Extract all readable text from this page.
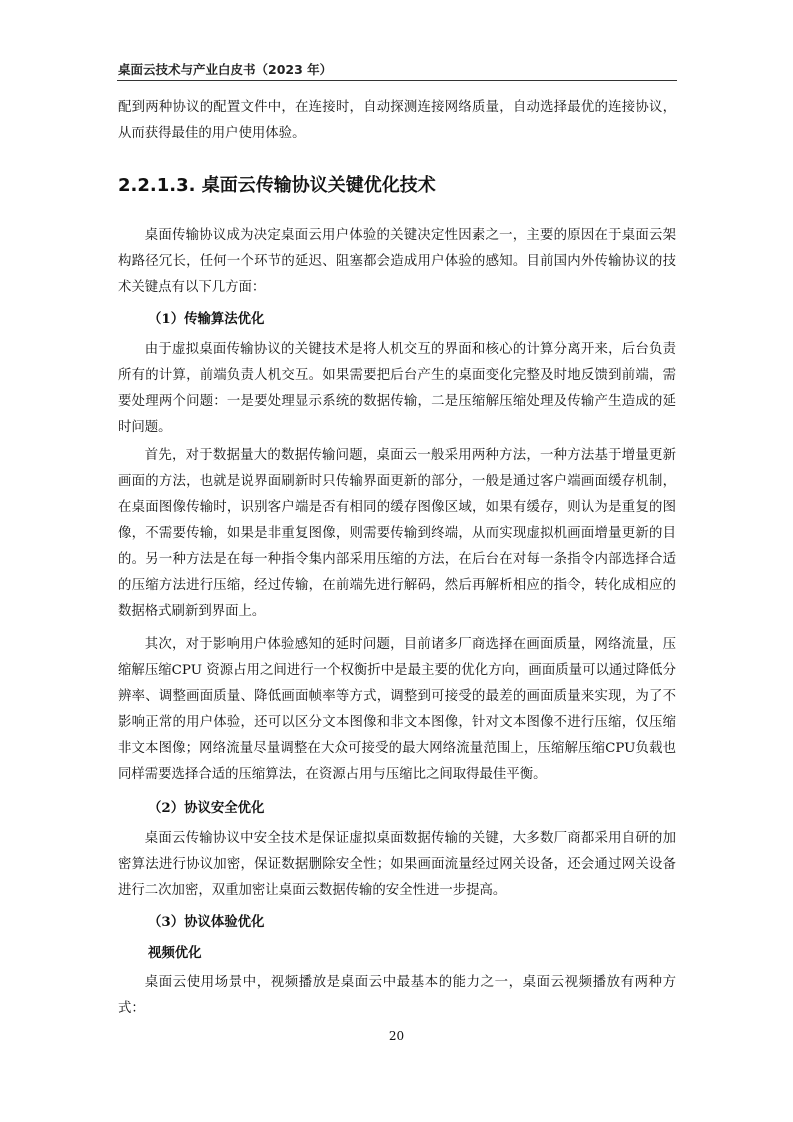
桌面云技术与产业白皮书（2023 年）
配到两种协议的配置文件中，在连接时，自动探测连接网络质量，自动选择最优的连接协议，从而获得最佳的用户使用体验。
2.2.1.3. 桌面云传输协议关键优化技术
桌面传输协议成为决定桌面云用户体验的关键决定性因素之一，主要的原因在于桌面云架构路径冗长，任何一个环节的延迟、阻塞都会造成用户体验的感知。目前国内外传输协议的技术关键点有以下几方面：
（1）传输算法优化
由于虚拟桌面传输协议的关键技术是将人机交互的界面和核心的计算分离开来，后台负责所有的计算，前端负责人机交互。如果需要把后台产生的桌面变化完整及时地反馈到前端，需要处理两个问题：一是要处理显示系统的数据传输，二是压缩解压缩处理及传输产生造成的延时问题。
首先，对于数据量大的数据传输问题，桌面云一般采用两种方法，一种方法基于增量更新画面的方法，也就是说界面刷新时只传输界面更新的部分，一般是通过客户端画面缓存机制，在桌面图像传输时，识别客户端是否有相同的缓存图像区域，如果有缓存，则认为是重复的图像，不需要传输，如果是非重复图像，则需要传输到终端，从而实现虚拟机画面增量更新的目的。另一种方法是在每一种指令集内部采用压缩的方法，在后台在对每一条指令内部选择合适的压缩方法进行压缩，经过传输，在前端先进行解码，然后再解析相应的指令，转化成相应的数据格式刷新到界面上。
其次，对于影响用户体验感知的延时问题，目前诸多厂商选择在画面质量，网络流量，压缩解压缩CPU 资源占用之间进行一个权衡折中是最主要的优化方向，画面质量可以通过降低分辨率、调整画面质量、降低画面帧率等方式，调整到可接受的最差的画面质量来实现，为了不影响正常的用户体验，还可以区分文本图像和非文本图像，针对文本图像不进行压缩，仅压缩非文本图像；网络流量尽量调整在大众可接受的最大网络流量范围上，压缩解压缩CPU负载也同样需要选择合适的压缩算法，在资源占用与压缩比之间取得最佳平衡。
（2）协议安全优化
桌面云传输协议中安全技术是保证虚拟桌面数据传输的关键，大多数厂商都采用自研的加密算法进行协议加密，保证数据删除安全性；如果画面流量经过网关设备，还会通过网关设备进行二次加密，双重加密让桌面云数据传输的安全性进一步提高。
（3）协议体验优化
视频优化
桌面云使用场景中，视频播放是桌面云中最基本的能力之一，桌面云视频播放有两种方式：
20
